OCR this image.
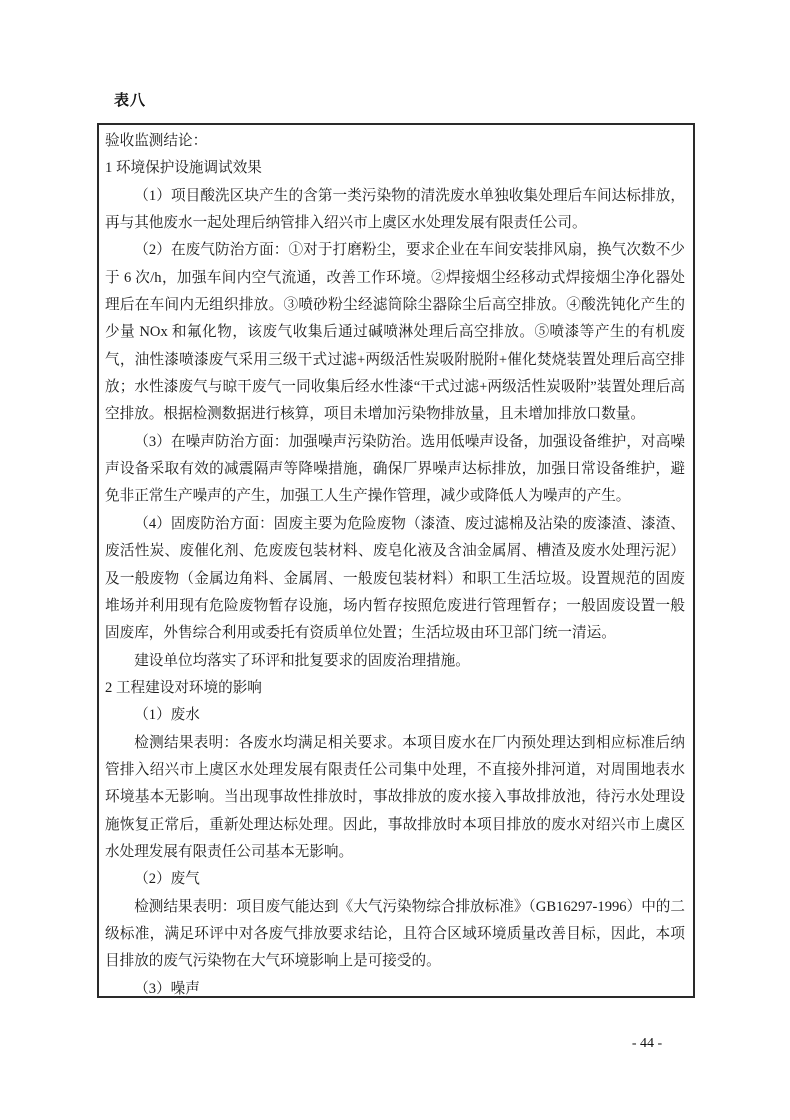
表八

验收监测结论：

1 环境保护设施调试效果

（1）项目酸洗区块产生的含第一类污染物的清洗废水单独收集处理后车间达标排放，再与其他废水一起处理后纳管排入绍兴市上虞区水处理发展有限责任公司。

（2）在废气防治方面：①对于打磨粉尘，要求企业在车间安装排风扇，换气次数不少于 6 次/h，加强车间内空气流通，改善工作环境。②焊接烟尘经移动式焊接烟尘净化器处理后在车间内无组织排放。③喷砂粉尘经滤筒除尘器除尘后高空排放。④酸洗钝化产生的少量 NOx 和氟化物，该废气收集后通过碱喷淋处理后高空排放。⑤喷漆等产生的有机废气，油性漆喷漆废气采用三级干式过滤+两级活性炭吸附脱附+催化焚烧装置处理后高空排放；水性漆废气与晾干废气一同收集后经水性漆“干式过滤+两级活性炭吸附”装置处理后高空排放。根据检测数据进行核算，项目未增加污染物排放量，且未增加排放口数量。

（3）在噪声防治方面：加强噪声污染防治。选用低噪声设备，加强设备维护，对高噪声设备采取有效的减震隔声等降噪措施，确保厂界噪声达标排放，加强日常设备维护，避免非正常生产噪声的产生，加强工人生产操作管理，减少或降低人为噪声的产生。

（4）固废防治方面：固废主要为危险废物（漆渣、废过滤棉及沾染的废漆渣、漆渣、废活性炭、废催化剂、危废废包装材料、废皂化液及含油金属屑、槽渣及废水处理污泥）及一般废物（金属边角料、金属屑、一般废包装材料）和职工生活垃圾。设置规范的固废堆场并利用现有危险废物暂存设施，场内暂存按照危废进行管理暂存；一般固废设置一般固废库，外售综合利用或委托有资质单位处置；生活垃圾由环卫部门统一清运。

建设单位均落实了环评和批复要求的固废治理措施。

2 工程建设对环境的影响

（1）废水

检测结果表明：各废水均满足相关要求。本项目废水在厂内预处理达到相应标准后纳管排入绍兴市上虞区水处理发展有限责任公司集中处理，不直接外排河道，对周围地表水环境基本无影响。当出现事故性排放时，事故排放的废水接入事故排放池，待污水处理设施恢复正常后，重新处理达标处理。因此，事故排放时本项目排放的废水对绍兴市上虞区水处理发展有限责任公司基本无影响。

（2）废气

检测结果表明：项目废气能达到《大气污染物综合排放标准》（GB16297-1996）中的二级标准，满足环评中对各废气排放要求结论，且符合区域环境质量改善目标，因此，本项目排放的废气污染物在大气环境影响上是可接受的。

（3）噪声

- 44 -
